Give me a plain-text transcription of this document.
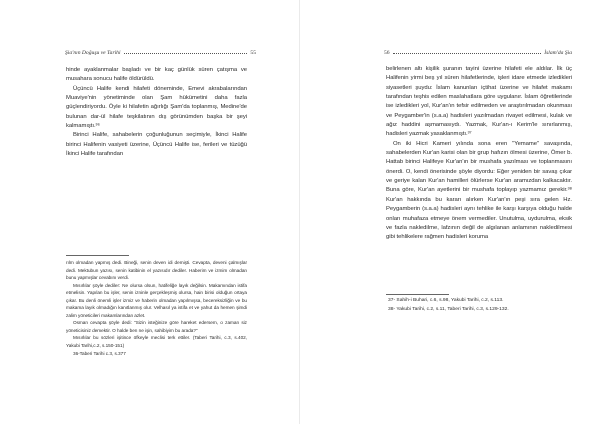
Şia'nın Doğuşu ve Tarihi	55

hinde ayaklanmalar başladı ve bir kaç günlük süren çatışma ve musahara sonucu halife öldürüldü.

Üçüncü Halife kendi hilafeti döneminde, Emevi akrabalarından Muaviye'nin yönetiminde olan Şam hükümetini daha fazla güçlendiriyordu. Öyle ki hilafetin ağırlığı Şam'da toplanmış, Medine'de bulunan dar-ül hilafe teşkilatının dış görünümden başka bir şeyi kalmamıştı.³⁶

Birinci Halife, sahabelerin çoğunluğunun seçimiyle, İkinci Halife birinci Halifenin vasiyeti üzerine, Üçüncü Halife ise, ferileri ve tüzüğü İkinci Halife tarafından

rılm olmadan yapmış dedi. Bineği, senin deven idi demişti. Cevapta, deveni çalmışlar dedi. Mektubun yazısı, senin katibinin el yazısıdır dediler. Haberim ve izmim olmadan bunu yapmışlar cevabını verdi.

Mısırlılar şöyle dediler: Ne olursa olsun, hatifeliğe layık değilsin. Makamından istifa etmelisin. Yapılan bu işler, senin izninle gerçekleşmiş olursa, hain birisi olduğun ortaya çıkar. Bu denli önemli işler izmiz ve haberin olmadan yapılmışsa, becereksizliğin ve bu makama layık olmadığın kanıtlanmış olur. Velhasıl ya istifa et ve yahut da hemen şimdi zalim yöneticileri makamlarından azlet.

Osman cevapta şöyle dedi: "Sizin isteğinize göre hareket edersem, o zaman siz yöneticisiniz demektir. O halde ben ne işin, sahibiyim bu arada?"

Mısırlılar bu sözleri işitince öfkeyle meclisi terk ettiler. (Taberi Tarihi, c.3, s.402, Yakubi Tarihi,c.2, s.150-151)

36-Taberi Tarihi c.3, s.377

56	İslam'da Şia

belirlenen altı kişilik şuranın tayini üzerine hilafeti ele aldılar. İlk üç Halifenin yirmi beş yıl süren hilafetlerinde, işleri idare etmede izledikleri siyasetleri şuydu: İslam kanunları içtihat üzerine ve hilafet makamı tarafından teşhis edilen maslahatlara göre uygulanır. İslam öğretilerinde ise izledikleri yol, Kur'an'ın tefsir edilmeden ve araştırılmadan okunması ve Peygamber'in (s.a.a) hadisleri yazılmadan rivayet edilmesi, kulak ve ağız haddini aşmamasıydı. Yazmak, Kur'an-ı Kerim'le sınırlanmış, hadisleri yazmak yasaklanmıştı.³⁷

On iki Hicri Kameri yılında sona eren "Yemame" savaşında, sahabelerden Kur'an karisi olan bir grup hafızın ölmesi üzerine, Ömer b. Hattab birinci Halifeye Kur'an'ın bir mushafa yazılması ve toplanmasını önerdi. O, kendi önerisinde şöyle diyordu: Eğer yeniden bir savaş çıkar ve geriye kalan Kur'an hamilleri ölürlerse Kur'an aramızdan kalkacaktır. Buna göre, Kur'an ayetlerini bir mushafa toplayıp yazmamız gerekir.³⁸ Kur'an hakkında bu kararı alırken Kur'an'ın peşi sıra gelen Hz. Peygamberin (s.a.a) hadisleri aynı tehlike ile karşı karşıya olduğu halde onları muhafaza etmeye önem vermediler. Unutulma, uydurulma, eksik ve fazla naklediIme, lafzının değil de algılanan anlamının naklediImesi gibi tehlikelere rağmen hadisleri koruma

37- Sahih-i Buhari, c.6, s.98, Yakubi Tarihi, c.2, s.113.

38- Yakubi Tarihi, c.2, s.11, Taberi Tarihi, c.3, s.129-132.
